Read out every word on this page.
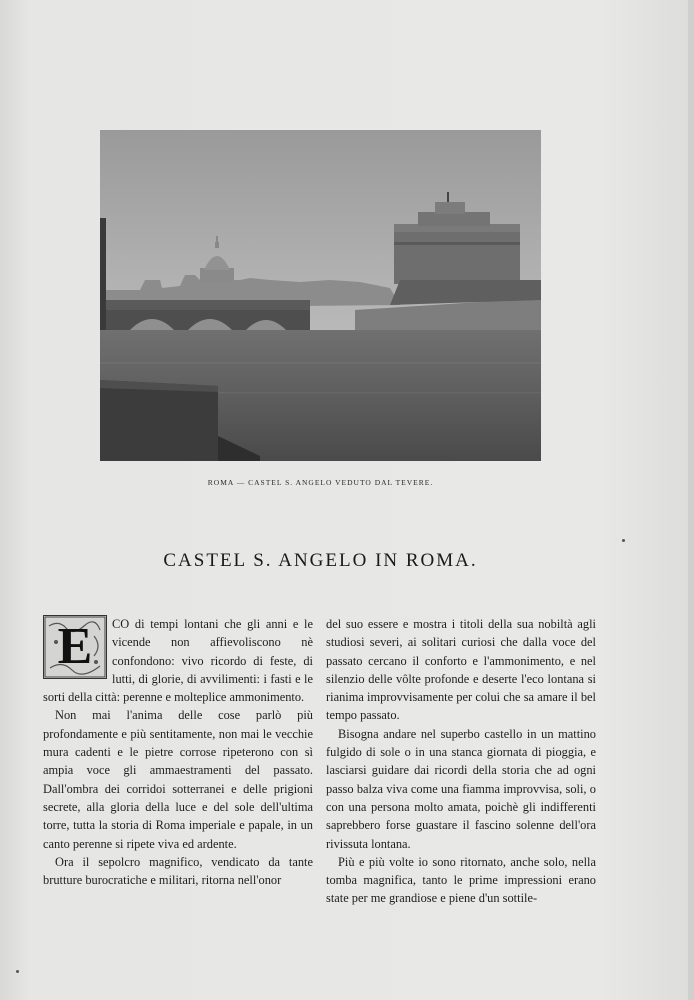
ROMA — CASTEL S. ANGELO VEDUTO DAL TEVERE.
CASTEL S. ANGELO IN ROMA.

E	CO di tempi lontani che gli anni e le vicende non affievoliscono nè confondono: vivo ricordo di feste, di lutti, di glorie, di avvilimenti: i fasti e le sorti della città: perenne e molteplice ammonimento.

Non mai l'anima delle cose parlò più profondamente e più sentitamente, non mai le vecchie mura cadenti e le pietre corrose ripeterono con sì ampia voce gli ammaestramenti del passato. Dall'ombra dei corridoi sotterranei e delle prigioni secrete, alla gloria della luce e del sole dell'ultima torre, tutta la storia di Roma imperiale e papale, in un canto perenne si ripete viva ed ardente.

Ora il sepolcro magnifico, vendicato da tante brutture burocratiche e militari, ritorna nell'onor

del suo essere e mostra i titoli della sua nobiltà agli studiosi severi, ai solitari curiosi che dalla voce del passato cercano il conforto e l'ammonimento, e nel silenzio delle vôlte profonde e deserte l'eco lontana si rianima improvvisamente per colui che sa amare il bel tempo passato.

Bisogna andare nel superbo castello in un mattino fulgido di sole o in una stanca giornata di pioggia, e lasciarsi guidare dai ricordi della storia che ad ogni passo balza viva come una fiamma improvvisa, soli, o con una persona molto amata, poichè gli indifferenti saprebbero forse guastare il fascino solenne dell'ora rivissuta lontana.

Più e più volte io sono ritornato, anche solo, nella tomba magnifica, tanto le prime impressioni erano state per me grandiose e piene d'un sottile-
